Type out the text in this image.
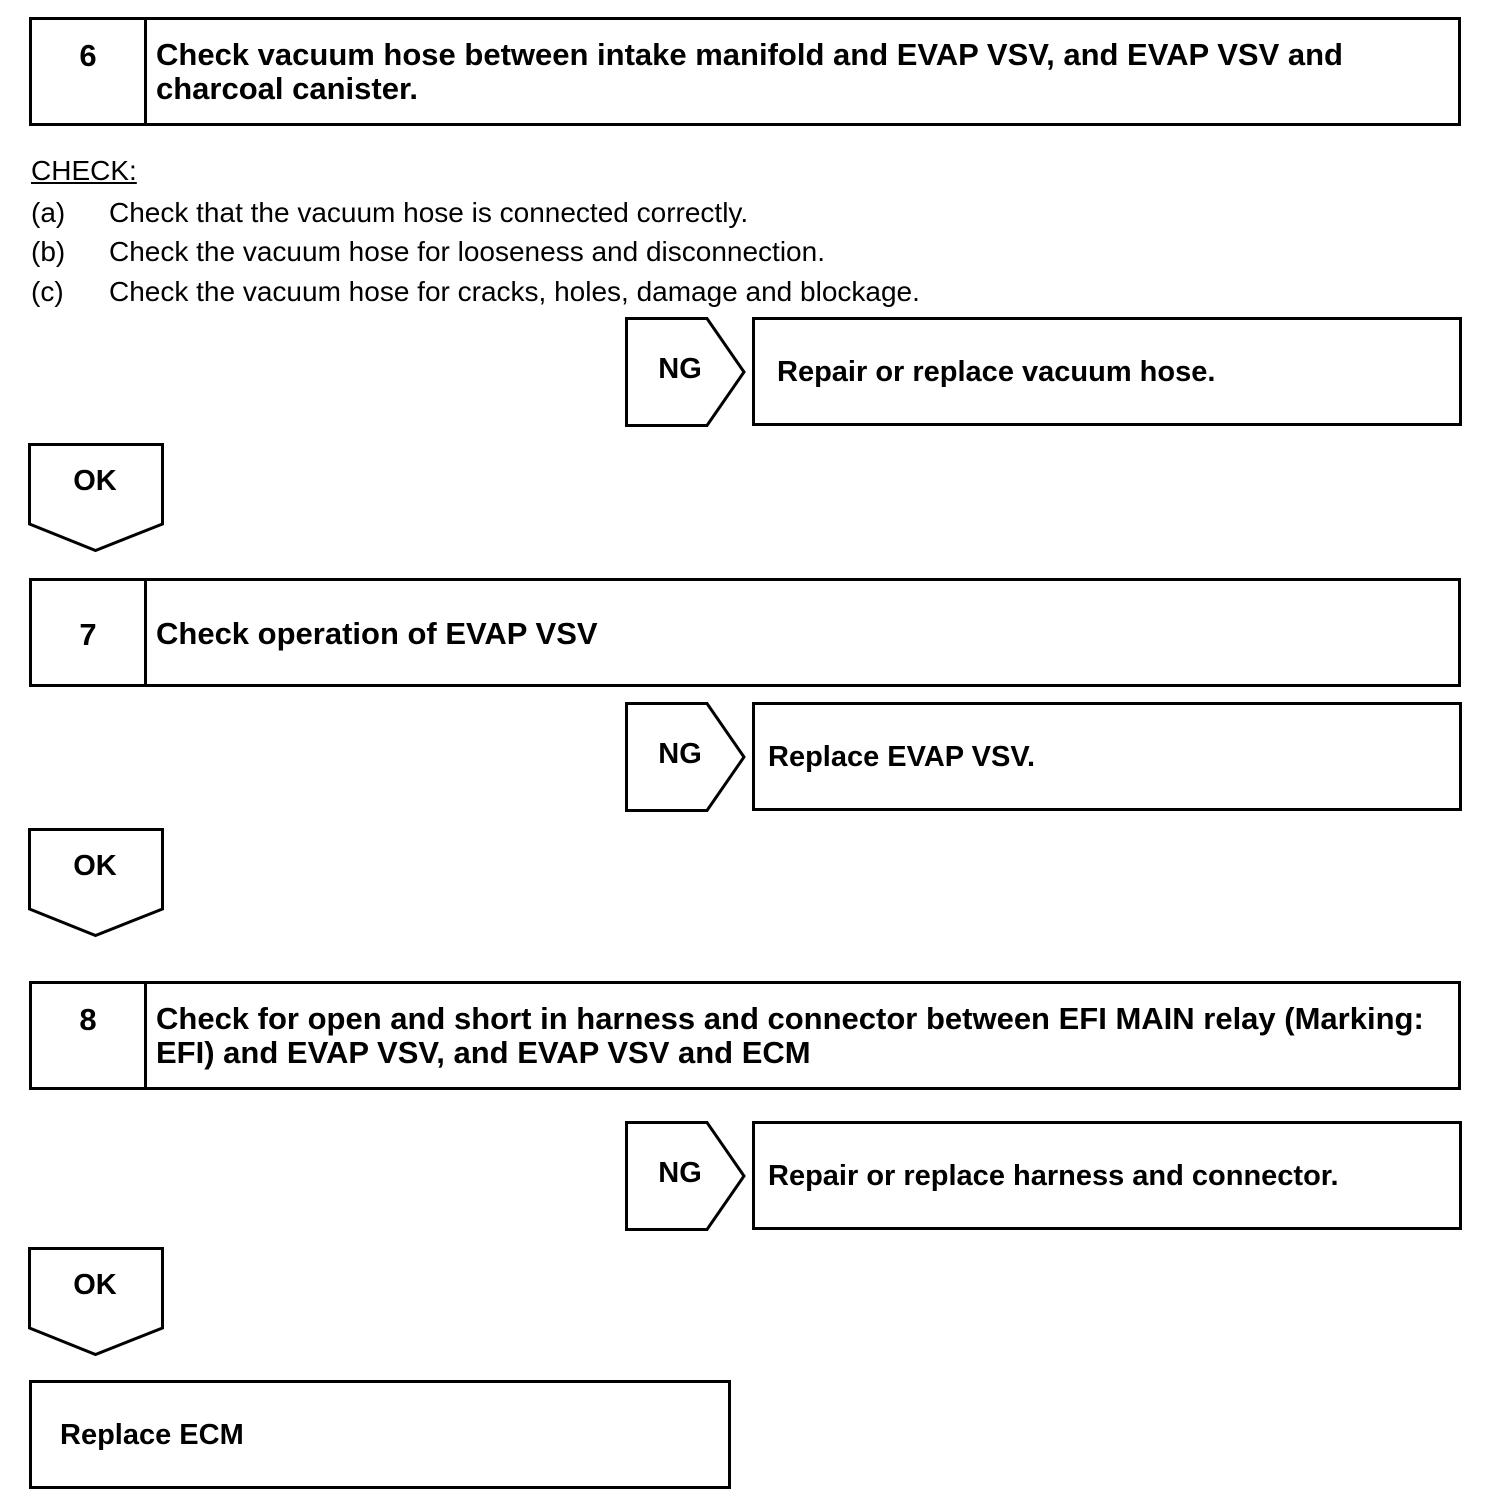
6	Check vacuum hose between intake manifold and EVAP VSV, and EVAP VSV and charcoal canister.
CHECK:
(a) Check that the vacuum hose is connected correctly.
(b) Check the vacuum hose for looseness and disconnection.
(c) Check the vacuum hose for cracks, holes, damage and blockage.
NG	Repair or replace vacuum hose.
OK
7	Check operation of EVAP VSV
NG	Replace EVAP VSV.
OK
8	Check for open and short in harness and connector between EFI MAIN relay (Marking: EFI) and EVAP VSV, and EVAP VSV and ECM
NG	Repair or replace harness and connector.
OK
Replace ECM
